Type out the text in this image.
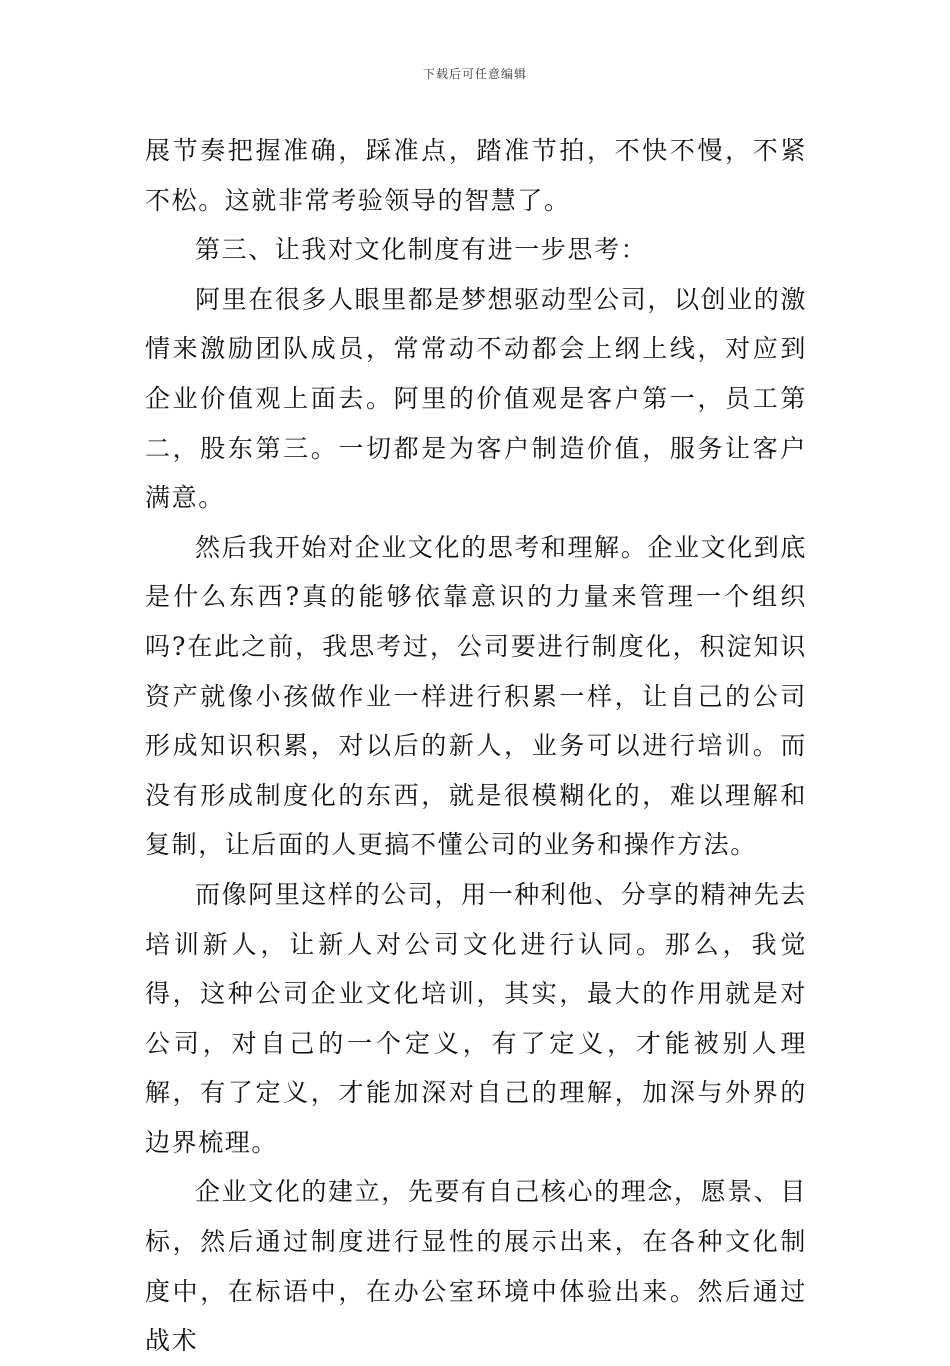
下载后可任意编辑

展节奏把握准确，踩准点，踏准节拍，不快不慢，不紧不松。这就非常考验领导的智慧了。

第三、让我对文化制度有进一步思考：

阿里在很多人眼里都是梦想驱动型公司，以创业的激情来激励团队成员，常常动不动都会上纲上线，对应到企业价值观上面去。阿里的价值观是客户第一，员工第二，股东第三。一切都是为客户制造价值，服务让客户满意。

然后我开始对企业文化的思考和理解。企业文化到底是什么东西?真的能够依靠意识的力量来管理一个组织吗?在此之前，我思考过，公司要进行制度化，积淀知识资产就像小孩做作业一样进行积累一样，让自己的公司形成知识积累，对以后的新人，业务可以进行培训。而没有形成制度化的东西，就是很模糊化的，难以理解和复制，让后面的人更搞不懂公司的业务和操作方法。

而像阿里这样的公司，用一种利他、分享的精神先去培训新人，让新人对公司文化进行认同。那么，我觉得，这种公司企业文化培训，其实，最大的作用就是对公司，对自己的一个定义，有了定义，才能被别人理解，有了定义，才能加深对自己的理解，加深与外界的边界梳理。

企业文化的建立，先要有自己核心的理念，愿景、目标，然后通过制度进行显性的展示出来，在各种文化制度中，在标语中，在办公室环境中体验出来。然后通过战术
